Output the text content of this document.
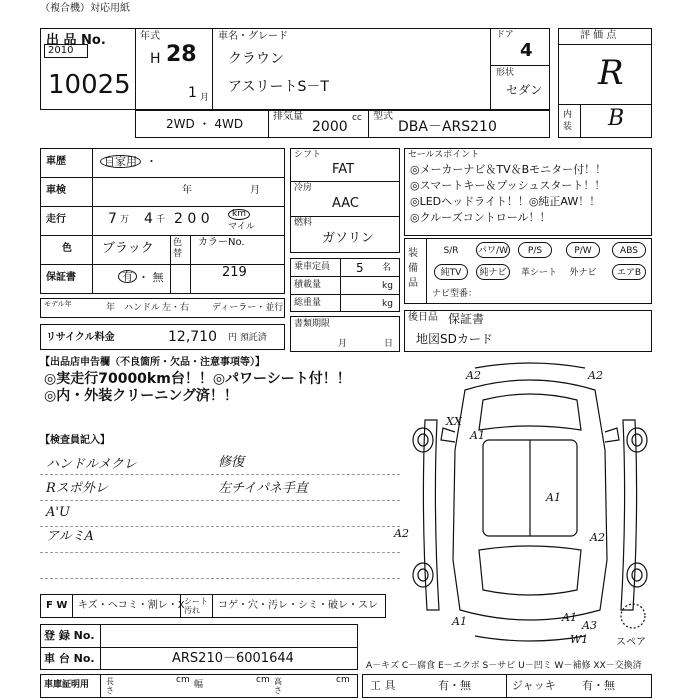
（複合機）対応用紙
出 品 No.
2010
10025
年式
H 28
1 月
車名・グレード
クラウン
アスリートS－T
ドア
4
形状
セダン
評 価 点
R
内装 B
2WD ・ 4WD
排気量
2000
cc 型式
DBA－ARS210
車歴	自家用 ・
車検	年	月
走行	7 万 4 千 2 0 0	km
マイル
色 ブラック 色替
カラーNo.
219
保証書	有 ・ 無
モデル年	年 ハンドル 左・右	ディーラー・並行
リサイクル料金	12,710 円 預託済
シフト
FAT
冷房
AAC
燃料
ガソリン
乗車定員 5 名
積載量	kg
総重量	kg
書類期限
月	日
セールスポイント
◎メーカーナビ＆TV＆Bモニター付！！
◎スマートキー＆プッシュスタート！！
◎LEDヘッドライト！！◎純正AW！！
◎クルーズコントロール！！
装備品
S/R	パワ/W	P/S	P/W	ABS
純TV	純ナビ	革シート	外ナビ	エアB
ナビ型番：
後日品 保証書
地図SDカード
【出品店申告欄（不良箇所・欠品・注意事項等）】
◎実走行70000km台！！◎パワーシート付！！
◎内・外装クリーニング済！！
【検査員記入】
ハンドルメクレ	修復
Rスポ外レ	左チイパネ手直
A'U
アルミA
A2	A2
XX
A1
A2
A1
A2
A1	A1
A3
W1	スペア
F W キズ・ヘコミ・割レ・X シート
汚れ	コゲ・穴・汚レ・シミ・破レ・スレ
登 録 No.
車 台 No.	ARS210－6001644
車庫証明用 長さ
cm 幅	cm 高さ
cm
A－キズ C－腐食 E－エクボ S－サビ U－凹ミ W－補修 XX－交換済
工 具	有・無	ジャッキ 有・無
